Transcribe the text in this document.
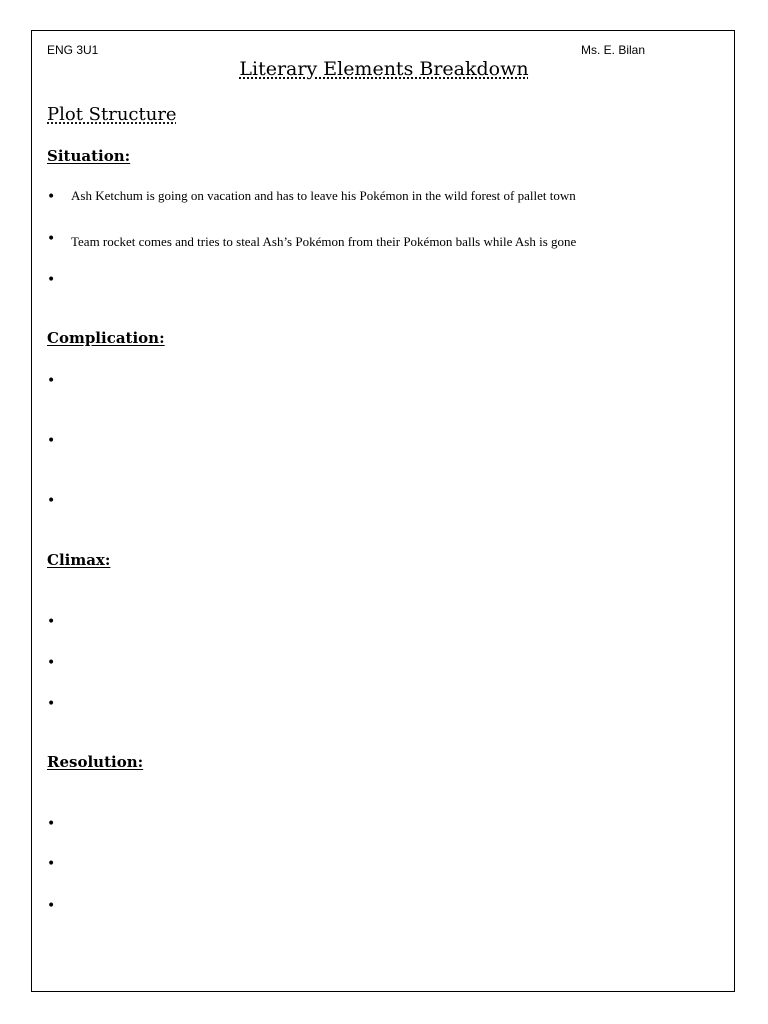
ENG 3U1	Ms. E. Bilan
Literary Elements Breakdown
Plot Structure
Situation:
• Ash Ketchum is going on vacation and has to leave his Pokémon in the wild forest of pallet town
• Team rocket comes and tries to steal Ash’s Pokémon from their Pokémon balls while Ash is gone
•
Complication:
•
•
•
Climax:
•
•
•
Resolution:
•
•
•
